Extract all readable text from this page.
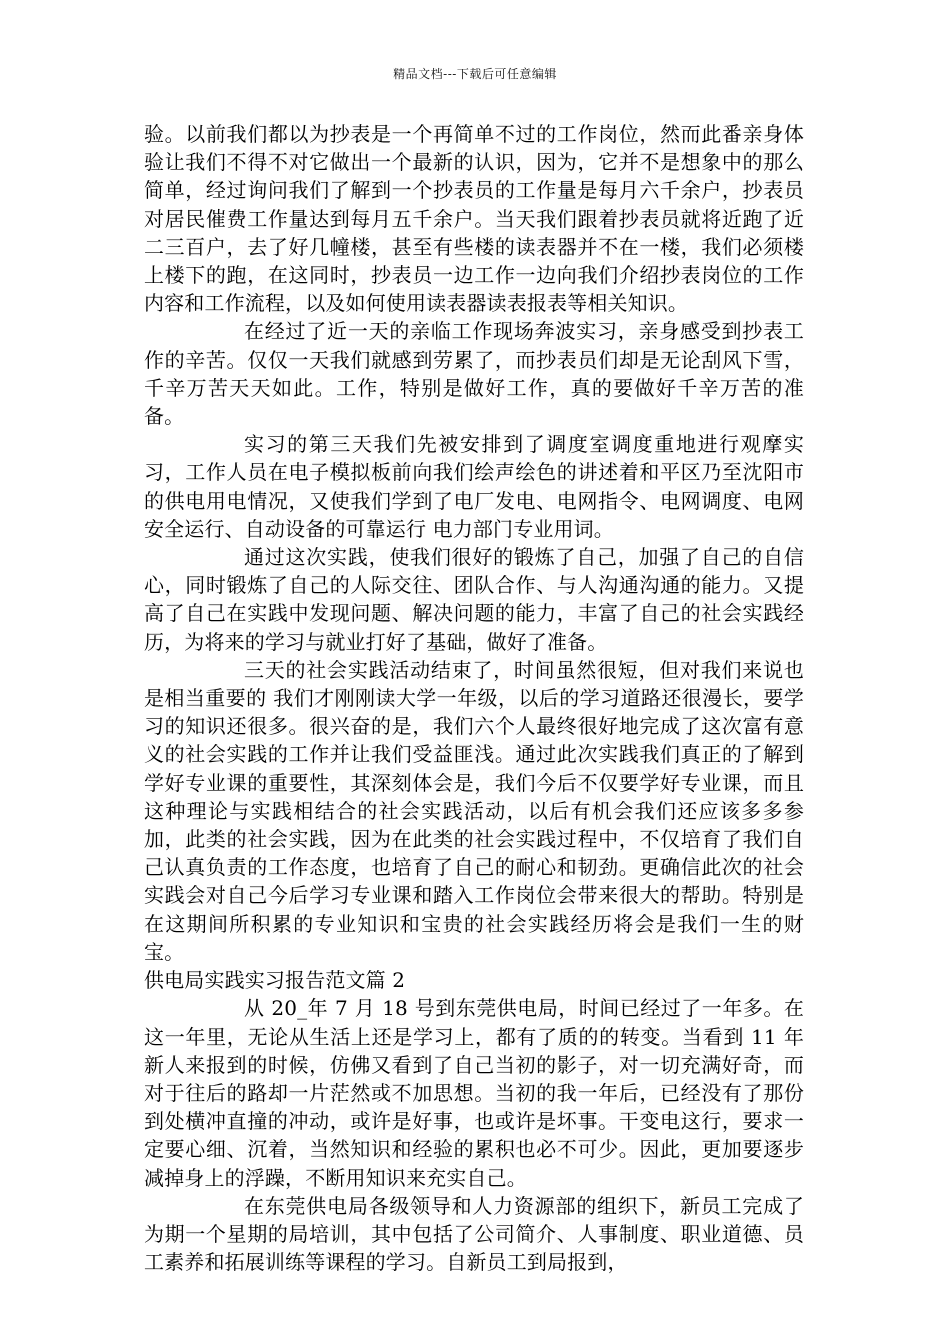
精品文档---下载后可任意编辑

验。以前我们都以为抄表是一个再简单不过的工作岗位，然而此番亲身体验让我们不得不对它做出一个最新的认识，因为，它并不是想象中的那么简单，经过询问我们了解到一个抄表员的工作量是每月六千余户，抄表员对居民催费工作量达到每月五千余户。当天我们跟着抄表员就将近跑了近二三百户，去了好几幢楼，甚至有些楼的读表器并不在一楼，我们必须楼上楼下的跑，在这同时，抄表员一边工作一边向我们介绍抄表岗位的工作内容和工作流程，以及如何使用读表器读表报表等相关知识。

在经过了近一天的亲临工作现场奔波实习，亲身感受到抄表工作的辛苦。仅仅一天我们就感到劳累了，而抄表员们却是无论刮风下雪，千辛万苦天天如此。工作，特别是做好工作，真的要做好千辛万苦的准备。

实习的第三天我们先被安排到了调度室调度重地进行观摩实习，工作人员在电子模拟板前向我们绘声绘色的讲述着和平区乃至沈阳市的供电用电情况，又使我们学到了电厂发电、电网指令、电网调度、电网安全运行、自动设备的可靠运行 电力部门专业用词。

通过这次实践，使我们很好的锻炼了自己，加强了自己的自信心，同时锻炼了自己的人际交往、团队合作、与人沟通沟通的能力。又提高了自己在实践中发现问题、解决问题的能力，丰富了自己的社会实践经历，为将来的学习与就业打好了基础，做好了准备。

三天的社会实践活动结束了，时间虽然很短，但对我们来说也是相当重要的 我们才刚刚读大学一年级，以后的学习道路还很漫长，要学习的知识还很多。很兴奋的是，我们六个人最终很好地完成了这次富有意义的社会实践的工作并让我们受益匪浅。通过此次实践我们真正的了解到学好专业课的重要性，其深刻体会是，我们今后不仅要学好专业课，而且这种理论与实践相结合的社会实践活动，以后有机会我们还应该多多参加，此类的社会实践，因为在此类的社会实践过程中，不仅培育了我们自己认真负责的工作态度，也培育了自己的耐心和韧劲。更确信此次的社会实践会对自己今后学习专业课和踏入工作岗位会带来很大的帮助。特别是在这期间所积累的专业知识和宝贵的社会实践经历将会是我们一生的财宝。

供电局实践实习报告范文篇 2

从 20_年 7 月 18 号到东莞供电局，时间已经过了一年多。在这一年里，无论从生活上还是学习上，都有了质的的转变。当看到 11 年新人来报到的时候，仿佛又看到了自己当初的影子，对一切充满好奇，而对于往后的路却一片茫然或不加思想。当初的我一年后，已经没有了那份到处横冲直撞的冲动，或许是好事，也或许是坏事。干变电这行，要求一定要心细、沉着，当然知识和经验的累积也必不可少。因此，更加要逐步减掉身上的浮躁，不断用知识来充实自己。

在东莞供电局各级领导和人力资源部的组织下，新员工完成了为期一个星期的局培训，其中包括了公司简介、人事制度、职业道德、员工素养和拓展训练等课程的学习。自新员工到局报到，
